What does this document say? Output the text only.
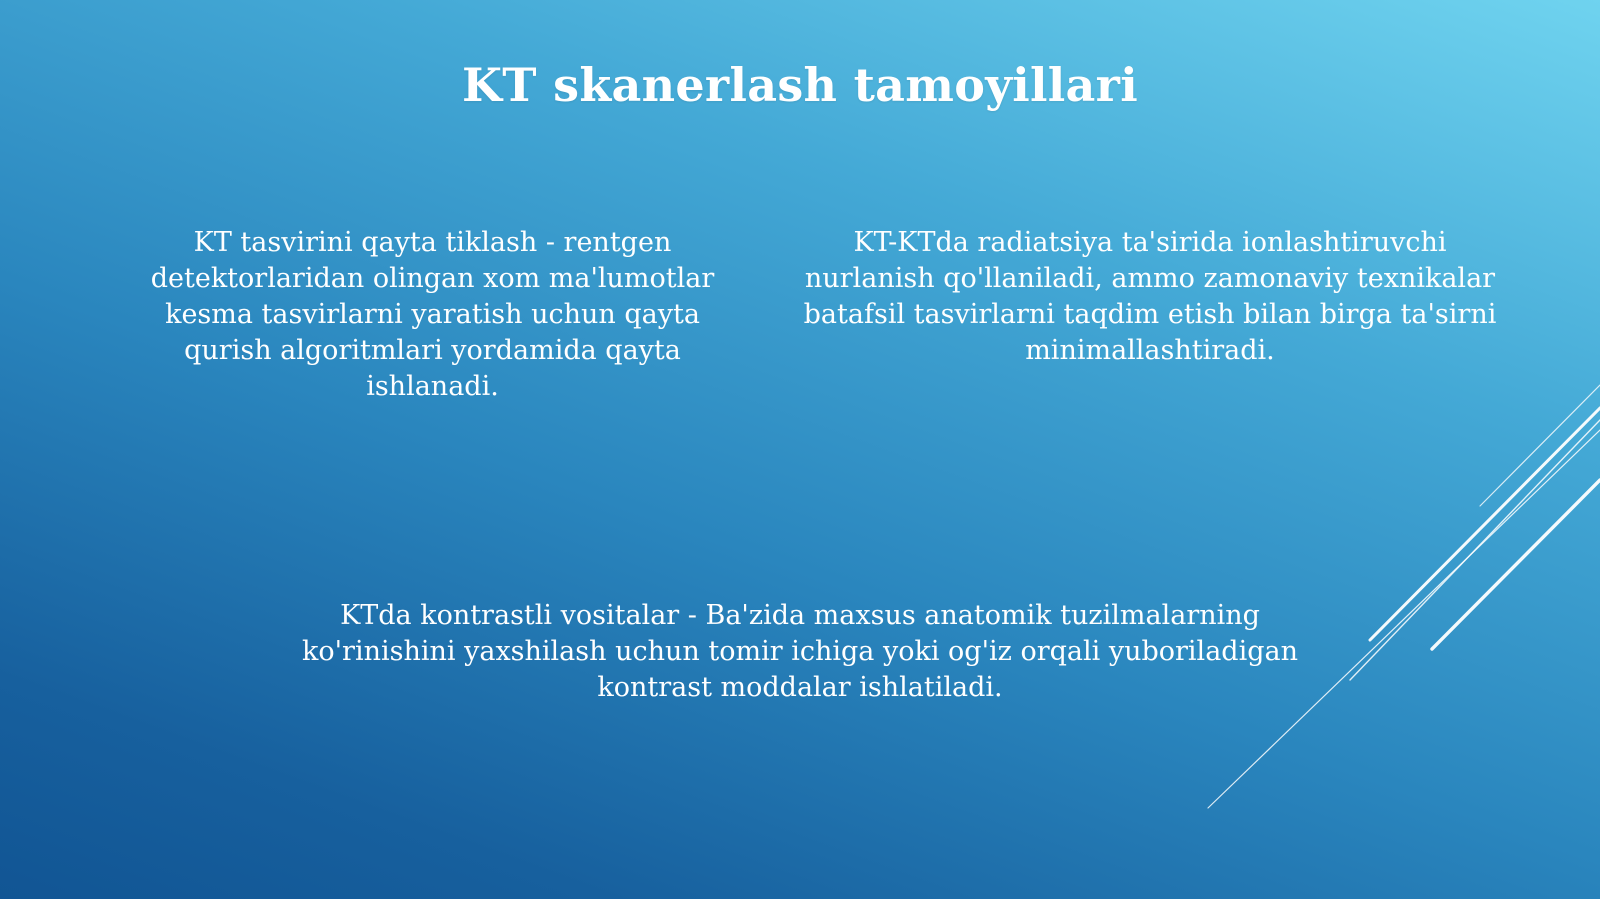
KT skanerlash tamoyillari

KT tasvirini qayta tiklash - rentgen detektorlaridan olingan xom ma'lumotlar kesma tasvirlarni yaratish uchun qayta qurish algoritmlari yordamida qayta ishlanadi.

KT-KTda radiatsiya ta'sirida ionlashtiruvchi nurlanish qo'llaniladi, ammo zamonaviy texnikalar batafsil tasvirlarni taqdim etish bilan birga ta'sirni minimallashtiradi.

KTda kontrastli vositalar - Ba'zida maxsus anatomik tuzilmalarning ko'rinishini yaxshilash uchun tomir ichiga yoki og'iz orqali yuboriladigan kontrast moddalar ishlatiladi.
